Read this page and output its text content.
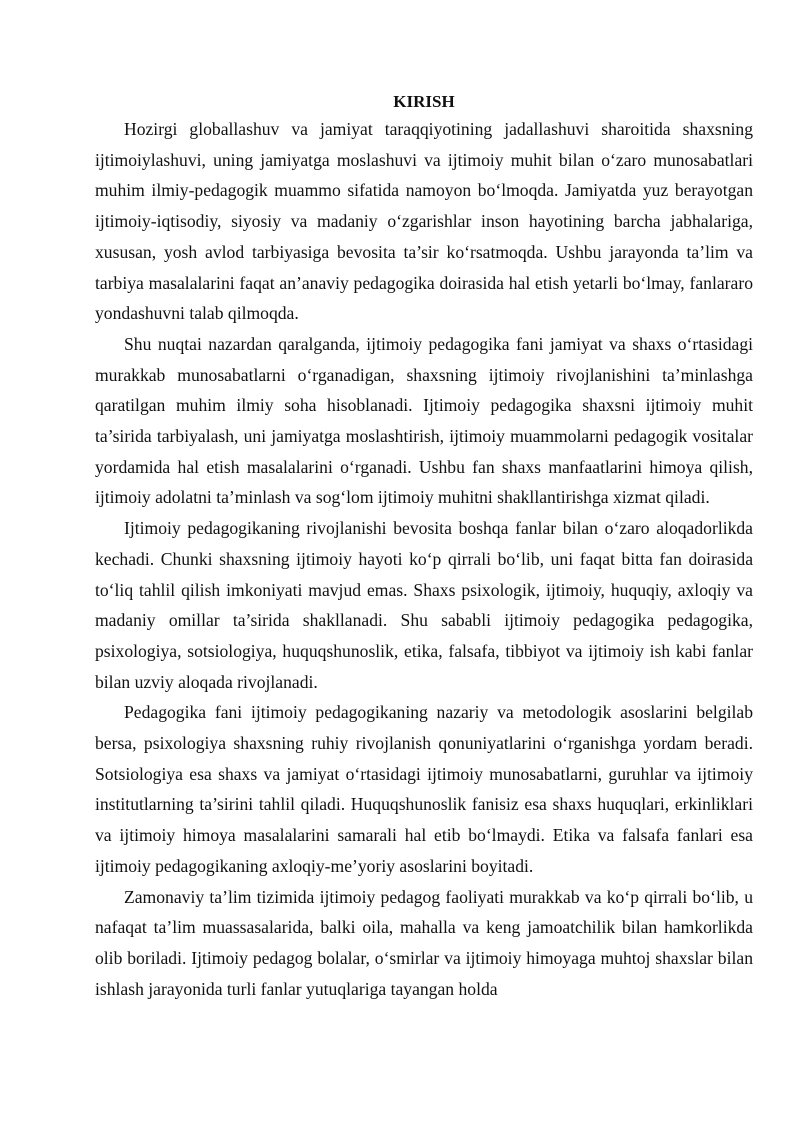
KIRISH

Hozirgi globallashuv va jamiyat taraqqiyotining jadallashuvi sharoitida shaxsning ijtimoiylashuvi, uning jamiyatga moslashuvi va ijtimoiy muhit bilan o‘zaro munosabatlari muhim ilmiy-pedagogik muammo sifatida namoyon bo‘lmoqda. Jamiyatda yuz berayotgan ijtimoiy-iqtisodiy, siyosiy va madaniy o‘zgarishlar inson hayotining barcha jabhalariga, xususan, yosh avlod tarbiyasiga bevosita ta’sir ko‘rsatmoqda. Ushbu jarayonda ta’lim va tarbiya masalalarini faqat an’anaviy pedagogika doirasida hal etish yetarli bo‘lmay, fanlararo yondashuvni talab qilmoqda.

Shu nuqtai nazardan qaralganda, ijtimoiy pedagogika fani jamiyat va shaxs o‘rtasidagi murakkab munosabatlarni o‘rganadigan, shaxsning ijtimoiy rivojlanishini ta’minlashga qaratilgan muhim ilmiy soha hisoblanadi. Ijtimoiy pedagogika shaxsni ijtimoiy muhit ta’sirida tarbiyalash, uni jamiyatga moslashtirish, ijtimoiy muammolarni pedagogik vositalar yordamida hal etish masalalarini o‘rganadi. Ushbu fan shaxs manfaatlarini himoya qilish, ijtimoiy adolatni ta’minlash va sog‘lom ijtimoiy muhitni shakllantirishga xizmat qiladi.

Ijtimoiy pedagogikaning rivojlanishi bevosita boshqa fanlar bilan o‘zaro aloqadorlikda kechadi. Chunki shaxsning ijtimoiy hayoti ko‘p qirrali bo‘lib, uni faqat bitta fan doirasida to‘liq tahlil qilish imkoniyati mavjud emas. Shaxs psixologik, ijtimoiy, huquqiy, axloqiy va madaniy omillar ta’sirida shakllanadi. Shu sababli ijtimoiy pedagogika pedagogika, psixologiya, sotsiologiya, huquqshunoslik, etika, falsafa, tibbiyot va ijtimoiy ish kabi fanlar bilan uzviy aloqada rivojlanadi.

Pedagogika fani ijtimoiy pedagogikaning nazariy va metodologik asoslarini belgilab bersa, psixologiya shaxsning ruhiy rivojlanish qonuniyatlarini o‘rganishga yordam beradi. Sotsiologiya esa shaxs va jamiyat o‘rtasidagi ijtimoiy munosabatlarni, guruhlar va ijtimoiy institutlarning ta’sirini tahlil qiladi. Huquqshunoslik fanisiz esa shaxs huquqlari, erkinliklari va ijtimoiy himoya masalalarini samarali hal etib bo‘lmaydi. Etika va falsafa fanlari esa ijtimoiy pedagogikaning axloqiy-me’yoriy asoslarini boyitadi.

Zamonaviy ta’lim tizimida ijtimoiy pedagog faoliyati murakkab va ko‘p qirrali bo‘lib, u nafaqat ta’lim muassasalarida, balki oila, mahalla va keng jamoatchilik bilan hamkorlikda olib boriladi. Ijtimoiy pedagog bolalar, o‘smirlar va ijtimoiy himoyaga muhtoj shaxslar bilan ishlash jarayonida turli fanlar yutuqlariga tayangan holda
